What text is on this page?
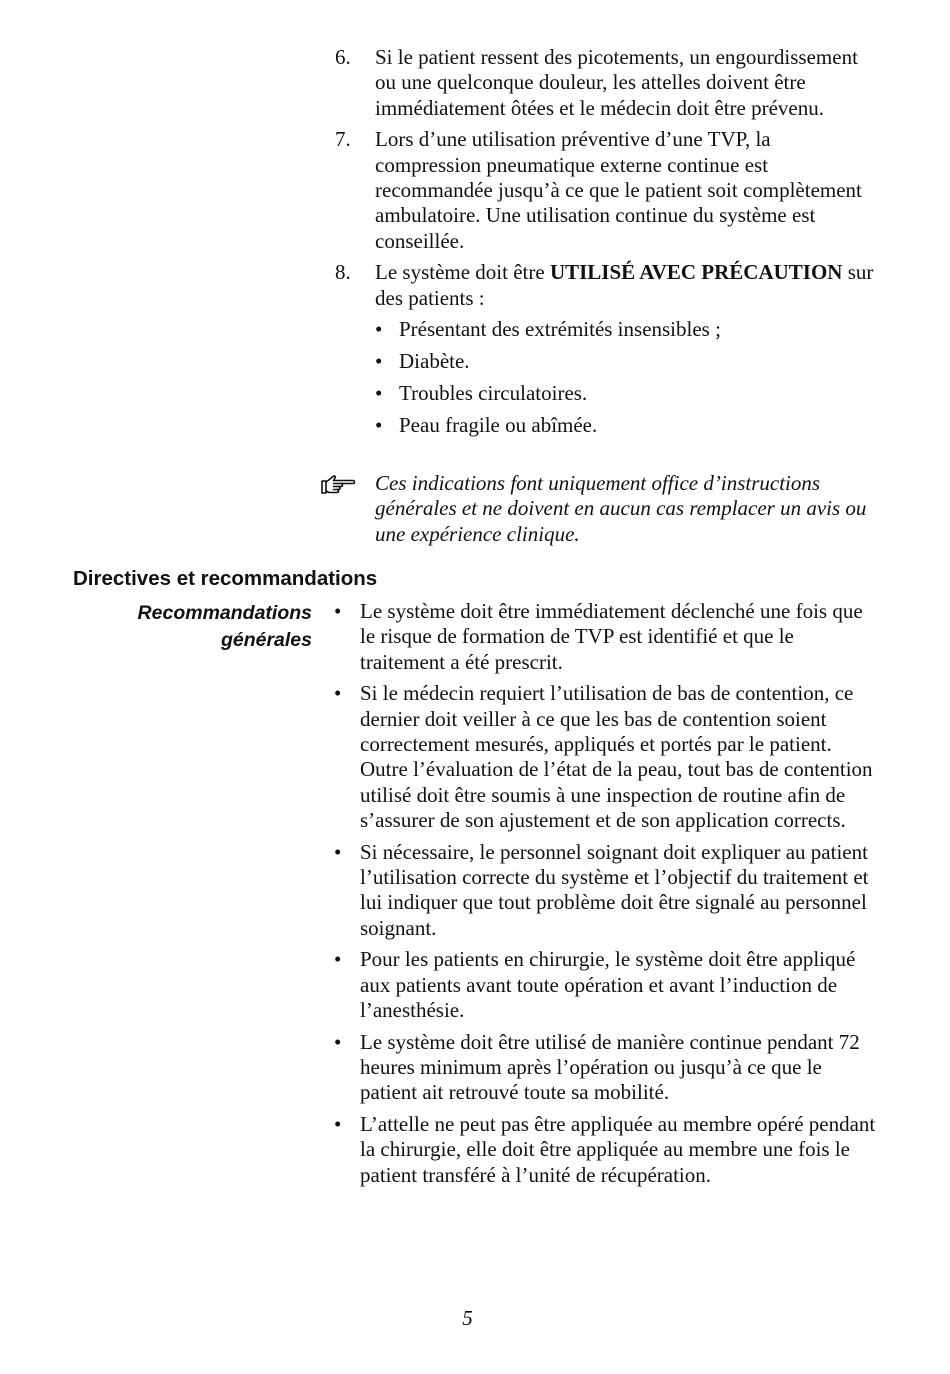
6. Si le patient ressent des picotements, un engourdissement ou une quelconque douleur, les attelles doivent être immédiatement ôtées et le médecin doit être prévenu.
7. Lors d’une utilisation préventive d’une TVP, la compression pneumatique externe continue est recommandée jusqu’à ce que le patient soit complètement ambulatoire. Une utilisation continue du système est conseillée.
8. Le système doit être UTILISÉ AVEC PRÉCAUTION sur des patients :
• Présentant des extrémités insensibles ;
• Diabète.
• Troubles circulatoires.
• Peau fragile ou abîmée.
Ces indications font uniquement office d’instructions générales et ne doivent en aucun cas remplacer un avis ou une expérience clinique.
Directives et recommandations
Recommandations
générales
• Le système doit être immédiatement déclenché une fois que le risque de formation de TVP est identifié et que le traitement a été prescrit.
• Si le médecin requiert l’utilisation de bas de contention, ce dernier doit veiller à ce que les bas de contention soient correctement mesurés, appliqués et portés par le patient. Outre l’évaluation de l’état de la peau, tout bas de contention utilisé doit être soumis à une inspection de routine afin de s’assurer de son ajustement et de son application corrects.
• Si nécessaire, le personnel soignant doit expliquer au patient l’utilisation correcte du système et l’objectif du traitement et lui indiquer que tout problème doit être signalé au personnel soignant.
• Pour les patients en chirurgie, le système doit être appliqué aux patients avant toute opération et avant l’induction de l’anesthésie.
• Le système doit être utilisé de manière continue pendant 72 heures minimum après l’opération ou jusqu’à ce que le patient ait retrouvé toute sa mobilité.
• L’attelle ne peut pas être appliquée au membre opéré pendant la chirurgie, elle doit être appliquée au membre une fois le patient transféré à l’unité de récupération.
5
